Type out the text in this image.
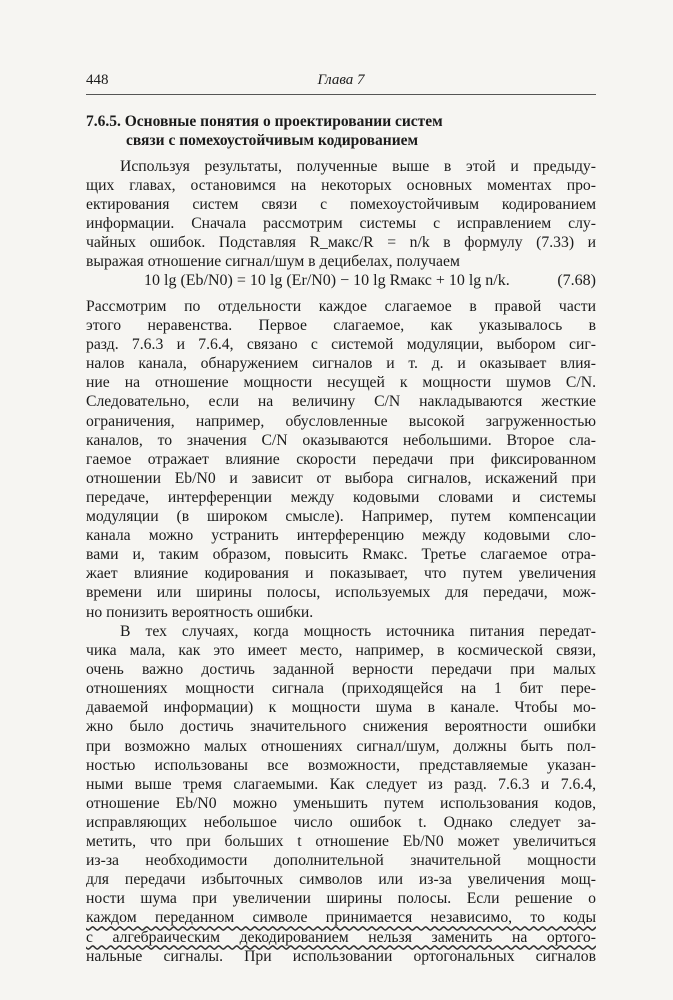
448	Глава 7
7.6.5. Основные понятия о проектировании систем
связи с помехоустойчивым кодированием

Используя результаты, полученные выше в этой и предыду-

щих главах, остановимся на некоторых основных моментах про-

ектирования систем связи с помехоустойчивым кодированием

информации. Сначала рассмотрим системы с исправлением слу-

чайных ошибок. Подставляя R_макс/R = n/k в формулу (7.33) и

выражая отношение сигнал/шум в децибелах, получаем

10 lg (Eb/N0) = 10 lg (Er/N0) − 10 lg Rмакс + 10 lg n/k.	(7.68)

Рассмотрим по отдельности каждое слагаемое в правой части

этого неравенства. Первое слагаемое, как указывалось в

разд. 7.6.3 и 7.6.4, связано с системой модуляции, выбором сиг-

налов канала, обнаружением сигналов и т. д. и оказывает влия-

ние на отношение мощности несущей к мощности шумов C/N.

Следовательно, если на величину C/N накладываются жесткие

ограничения, например, обусловленные высокой загруженностью

каналов, то значения C/N оказываются небольшими. Второе сла-

гаемое отражает влияние скорости передачи при фиксированном

отношении Eb/N0 и зависит от выбора сигналов, искажений при

передаче, интерференции между кодовыми словами и системы

модуляции (в широком смысле). Например, путем компенсации

канала можно устранить интерференцию между кодовыми сло-

вами и, таким образом, повысить Rмакс. Третье слагаемое отра-

жает влияние кодирования и показывает, что путем увеличения

времени или ширины полосы, используемых для передачи, мож-

но понизить вероятность ошибки.

В тех случаях, когда мощность источника питания передат-

чика мала, как это имеет место, например, в космической связи,

очень важно достичь заданной верности передачи при малых

отношениях мощности сигнала (приходящейся на 1 бит пере-

даваемой информации) к мощности шума в канале. Чтобы мо-

жно было достичь значительного снижения вероятности ошибки

при возможно малых отношениях сигнал/шум, должны быть пол-

ностью использованы все возможности, представляемые указан-

ными выше тремя слагаемыми. Как следует из разд. 7.6.3 и 7.6.4,

отношение Eb/N0 можно уменьшить путем использования кодов,

исправляющих небольшое число ошибок t. Однако следует за-

метить, что при больших t отношение Eb/N0 может увеличиться

из-за необходимости дополнительной значительной мощности

для передачи избыточных символов или из-за увеличения мощ-

ности шума при увеличении ширины полосы. Если решение о

каждом переданном символе принимается независимо, то коды

с алгебраическим декодированием нельзя заменить на ортого-

нальные сигналы. При использовании ортогональных сигналов
